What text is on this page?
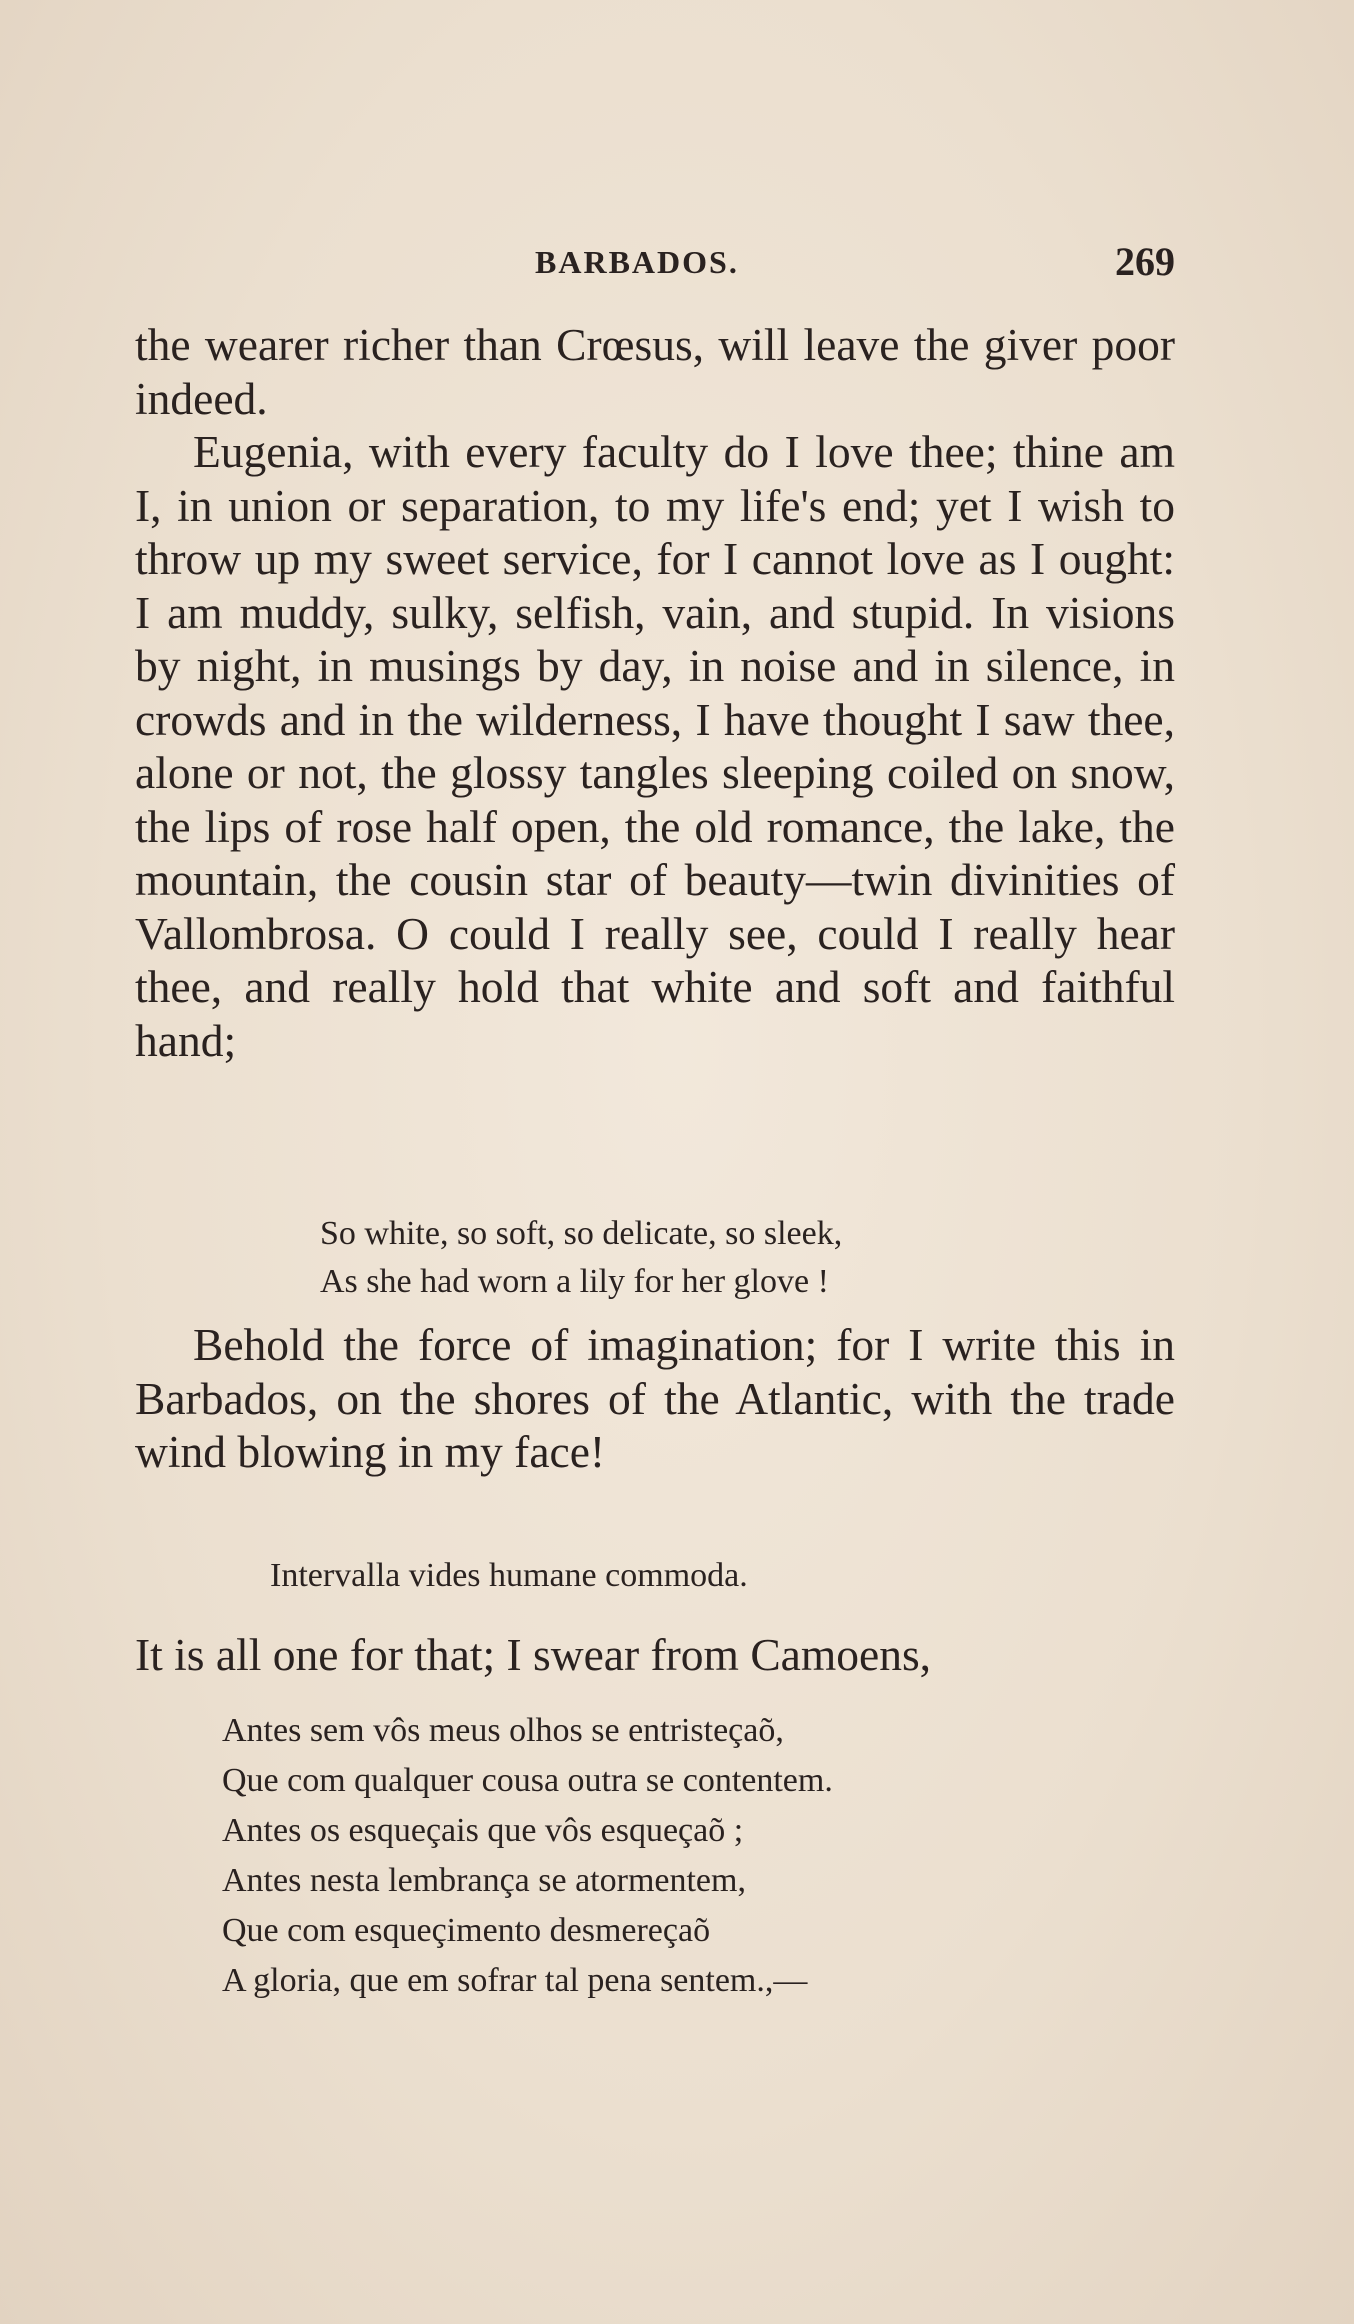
BARBADOS.	269

the wearer richer than Crœsus, will leave the giver poor indeed.

Eugenia, with every faculty do I love thee; thine am I, in union or separation, to my life's end; yet I wish to throw up my sweet service, for I cannot love as I ought: I am muddy, sulky, selfish, vain, and stupid. In visions by night, in musings by day, in noise and in silence, in crowds and in the wilderness, I have thought I saw thee, alone or not, the glossy tangles sleeping coiled on snow, the lips of rose half open, the old romance, the lake, the mountain, the cousin star of beauty—twin divinities of Vallombrosa. O could I really see, could I really hear thee, and really hold that white and soft and faithful hand;

So white, so soft, so delicate, so sleek,
As she had worn a lily for her glove !

Behold the force of imagination; for I write this in Barbados, on the shores of the Atlantic, with the trade wind blowing in my face!

Intervalla vides humane commoda.
It is all one for that; I swear from Camoens,
Antes sem vôs meus olhos se entristeçaõ,
Que com qualquer cousa outra se contentem.
Antes os esqueçais que vôs esqueçaõ ;
Antes nesta lembrança se atormentem,
Que com esqueçimento desmereçaõ
A gloria, que em sofrar tal pena sentem.,—
